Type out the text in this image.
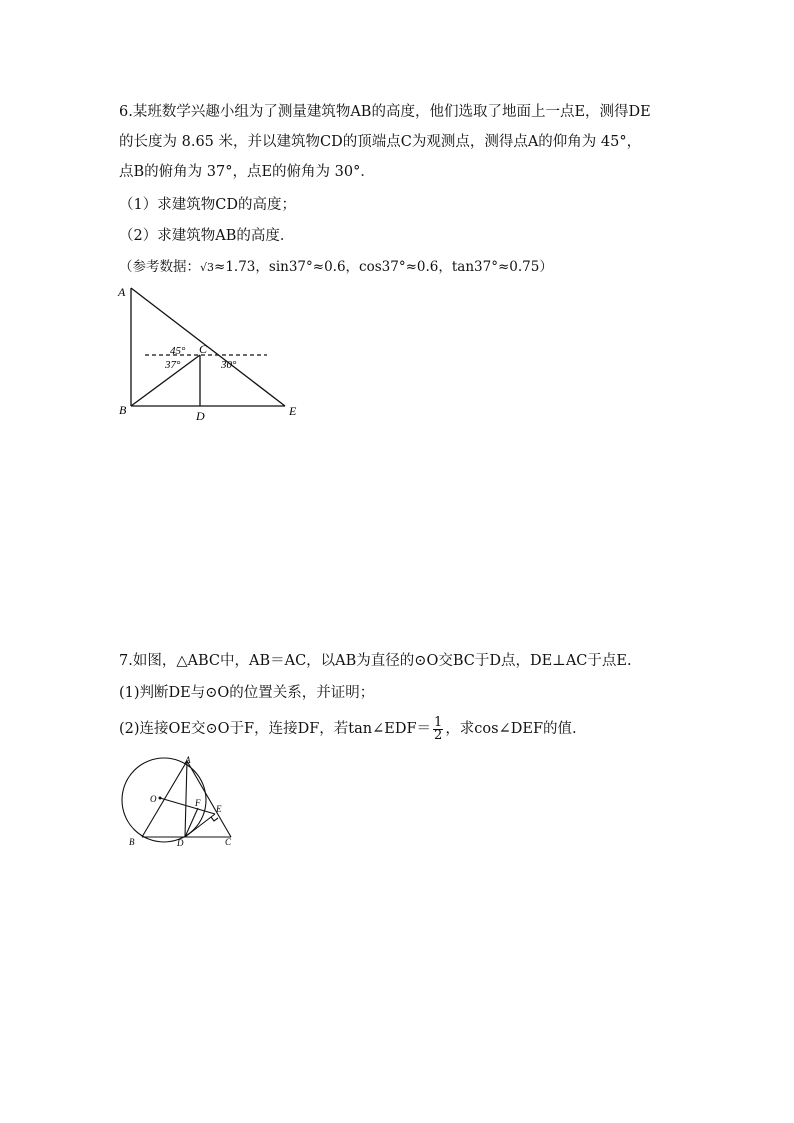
6.某班数学兴趣小组为了测量建筑物AB的高度，他们选取了地面上一点E，测得DE
的长度为 8.65 米，并以建筑物CD的顶端点C为观测点，测得点A的仰角为 45°，
点B的俯角为 37°，点E的俯角为 30°．
（1）求建筑物CD的高度；
（2）求建筑物AB的高度．
（参考数据：√3≈1.73，sin37°≈0.6，cos37°≈0.6，tan37°≈0.75）
A
B
C
D	E
45°
37°	30°
7.如图，△ABC中，AB＝AC，以AB为直径的⊙O交BC于D点，DE⊥AC于点E.
(1)判断DE与⊙O的位置关系，并证明；
(2)连接OE交⊙O于F，连接DF，若tan∠EDF＝ $\frac{1}{2}$ ，求cos∠DEF的值.
A
B	C
D
E
F
O
